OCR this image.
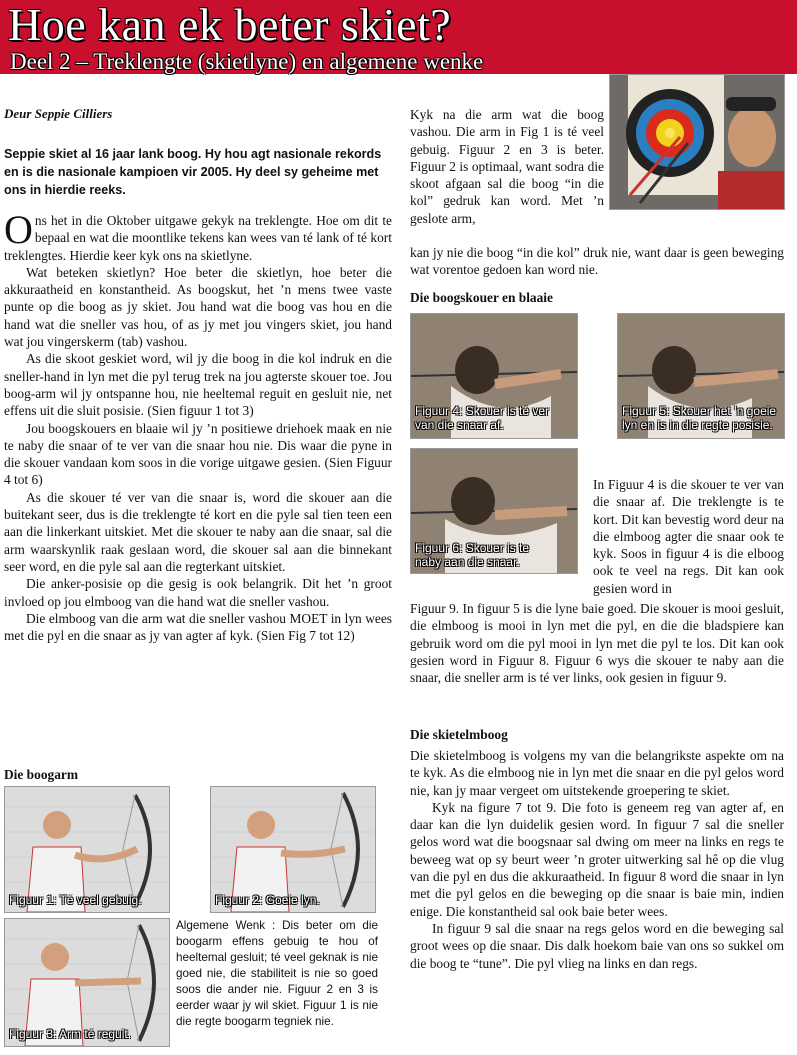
Hoe kan ek beter skiet?
Deel 2 – Treklengte (skietlyne) en algemene wenke
Deur Seppie Cilliers
Seppie skiet al 16 jaar lank boog. Hy hou agt nasionale rekords en is die nasionale kampioen vir 2005. Hy deel sy geheime met ons in hierdie reeks.

Ons het in die Oktober uitgawe gekyk na treklengte. Hoe om dit te bepaal en wat die moontlike tekens kan wees van té lank of té kort treklengtes. Hierdie keer kyk ons na skietlyne.

Wat beteken skietlyn? Hoe beter die skietlyn, hoe beter die akkuraatheid en konstantheid. As boogskut, het ’n mens twee vaste punte op die boog as jy skiet. Jou hand wat die boog vas hou en die hand wat die sneller vas hou, of as jy met jou vingers skiet, jou hand wat jou vingerskerm (tab) vashou.

As die skoot geskiet word, wil jy die boog in die kol indruk en die sneller-hand in lyn met die pyl terug trek na jou agterste skouer toe. Jou boog-arm wil jy ontspanne hou, nie heeltemal reguit en gesluit nie, net effens uit die sluit posisie. (Sien figuur 1 tot 3)

Jou boogskouers en blaaie wil jy ’n positiewe driehoek maak en nie te naby die snaar of te ver van die snaar hou nie. Dis waar die pyne in die skouer vandaan kom soos in die vorige uitgawe gesien. (Sien Figuur 4 tot 6)

As die skouer té ver van die snaar is, word die skouer aan die buitekant seer, dus is die treklengte té kort en die pyle sal tien teen een aan die linkerkant uitskiet. Met die skouer te naby aan die snaar, sal die arm waarskynlik raak geslaan word, die skouer sal aan die binnekant seer word, en die pyle sal aan die regterkant uitskiet.

Die anker-posisie op die gesig is ook belangrik. Dit het ’n groot invloed op jou elmboog van die hand wat die sneller vashou.

Die elmboog van die arm wat die sneller vashou MOET in lyn wees met die pyl en die snaar as jy van agter af kyk. (Sien Fig 7 tot 12)

Die boogarm
Figuur 1: Té veel gebuig.	Figuur 2: Goeie lyn.
Figuur 3: Arm té reguit.
Algemene Wenk : Dis beter om die boogarm effens gebuig te hou of heeltemal gesluit; té veel geknak is nie goed nie, die stabiliteit is nie so goed soos die ander nie. Figuur 2 en 3 is eerder waar jy wil skiet. Figuur 1 is nie die regte boogarm tegniek nie.

Kyk na die arm wat die boog vashou. Die arm in Fig 1 is té veel gebuig. Figuur 2 en 3 is beter. Figuur 2 is optimaal, want sodra die skoot afgaan sal die boog “in die kol” gedruk kan word. Met ’n geslote arm,

kan jy nie die boog “in die kol” druk nie, want daar is geen beweging wat vorentoe gedoen kan word nie.

Die boogskouer en blaaie
Figuur 4: Skouer is té ver van die snaar af.
Figuur 5: Skouer het ’n goeie lyn en is in die regte posisie.
Figuur 6: Skouer is te naby aan die snaar.

In Figuur 4 is die skouer te ver van die snaar af. Die treklengte is te kort. Dit kan bevestig word deur na die elmboog agter die snaar ook te kyk. Soos in figuur 4 is die elboog ook te veel na regs. Dit kan ook gesien word in

Figuur 9. In figuur 5 is die lyne baie goed. Die skouer is mooi gesluit, die elmboog is mooi in lyn met die pyl, en die die bladspiere kan gebruik word om die pyl mooi in lyn met die pyl te los. Dit kan ook gesien word in Figuur 8. Figuur 6 wys die skouer te naby aan die snaar, die sneller arm is té ver links, ook gesien in figuur 9.

Die skietelmboog

Die skietelmboog is volgens my van die belangrikste aspekte om na te kyk. As die elmboog nie in lyn met die snaar en die pyl gelos word nie, kan jy maar vergeet om uitstekende groepering te skiet.

Kyk na figure 7 tot 9. Die foto is geneem reg van agter af, en daar kan die lyn duidelik gesien word. In figuur 7 sal die sneller gelos word wat die boogsnaar sal dwing om meer na links en regs te beweeg wat op sy beurt weer ’n groter uitwerking sal hê op die vlug van die pyl en dus die akkuraatheid. In figuur 8 word die snaar in lyn met die pyl gelos en die beweging op die snaar is baie min, indien enige. Die konstantheid sal ook baie beter wees.

In figuur 9 sal die snaar na regs gelos word en die beweging sal groot wees op die snaar. Dis dalk hoekom baie van ons so sukkel om die boog te “tune”. Die pyl vlieg na links en dan regs.
